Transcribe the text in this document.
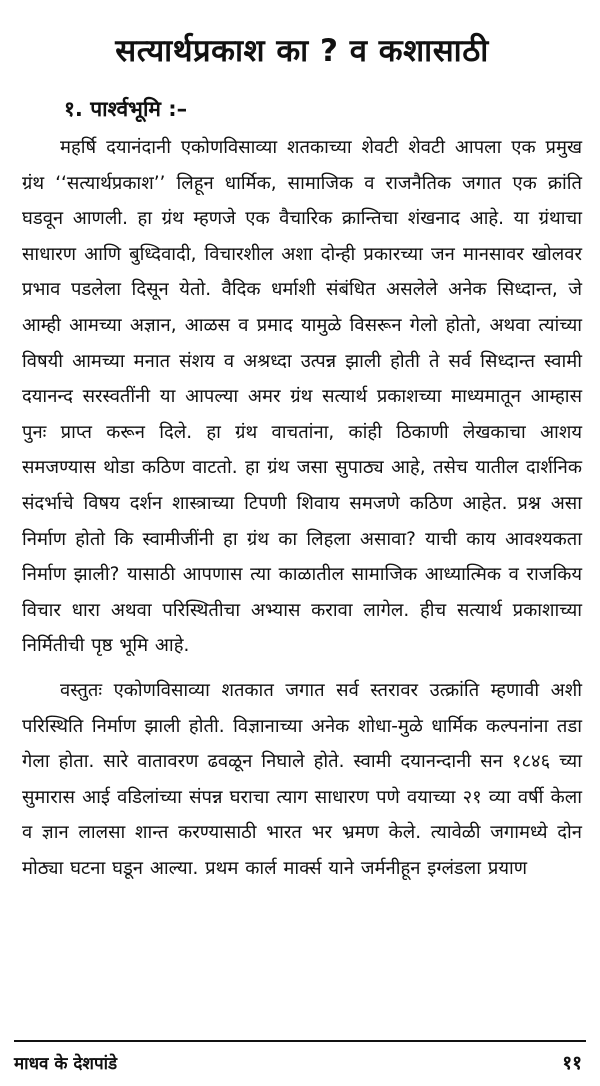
सत्यार्थप्रकाश का ? व कशासाठी
१. पार्श्वभूमि :–

महर्षि दयानंदानी एकोणविसाव्या शतकाच्या शेवटी शेवटी आपला एक प्रमुख ग्रंथ ‘‘सत्यार्थप्रकाश’’ लिहून धार्मिक, सामाजिक व राजनैतिक जगात एक क्रांति घडवून आणली. हा ग्रंथ म्हणजे एक वैचारिक क्रान्तिचा शंखनाद आहे. या ग्रंथाचा साधारण आणि बुध्दिवादी, विचारशील अशा दोन्ही प्रकारच्या जन मानसावर खोलवर प्रभाव पडलेला दिसून येतो. वैदिक धर्माशी संबंधित असलेले अनेक सिध्दान्त, जे आम्ही आमच्या अज्ञान, आळस व प्रमाद यामुळे विसरून गेलो होतो, अथवा त्यांच्या विषयी आमच्या मनात संशय व अश्रध्दा उत्पन्न झाली होती ते सर्व सिध्दान्त स्वामी दयानन्द सरस्वतींनी या आपल्या अमर ग्रंथ सत्यार्थ प्रकाशच्या माध्यमातून आम्हास पुनः प्राप्त करून दिले. हा ग्रंथ वाचतांना, कांही ठिकाणी लेखकाचा आशय समजण्यास थोडा कठिण वाटतो. हा ग्रंथ जसा सुपाठ्य आहे, तसेच यातील दार्शनिक संदर्भाचे विषय दर्शन शास्त्राच्या टिपणी शिवाय समजणे कठिण आहेत. प्रश्न असा निर्माण होतो कि स्वामीजींनी हा ग्रंथ का लिहला असावा? याची काय आवश्यकता निर्माण झाली? यासाठी आपणास त्या काळातील सामाजिक आध्यात्मिक व राजकिय विचार धारा अथवा परिस्थितीचा अभ्यास करावा लागेल. हीच सत्यार्थ प्रकाशाच्या निर्मितीची पृष्ठ भूमि आहे.

वस्तुतः एकोणविसाव्या शतकात जगात सर्व स्तरावर उत्क्रांति म्हणावी अशी परिस्थिति निर्माण झाली होती. विज्ञानाच्या अनेक शोधा-मुळे धार्मिक कल्पनांना तडा गेला होता. सारे वातावरण ढवळून निघाले होते. स्वामी दयानन्दानी सन १८४६ च्या सुमारास आई वडिलांच्या संपन्न घराचा त्याग साधारण पणे वयाच्या २१ व्या वर्षी केला व ज्ञान लालसा शान्त करण्यासाठी भारत भर भ्रमण केले. त्यावेळी जगामध्ये दोन मोठ्या घटना घडून आल्या. प्रथम कार्ल मार्क्स याने जर्मनीहून इग्लंडला प्रयाण

माधव के देशपांडे	११
